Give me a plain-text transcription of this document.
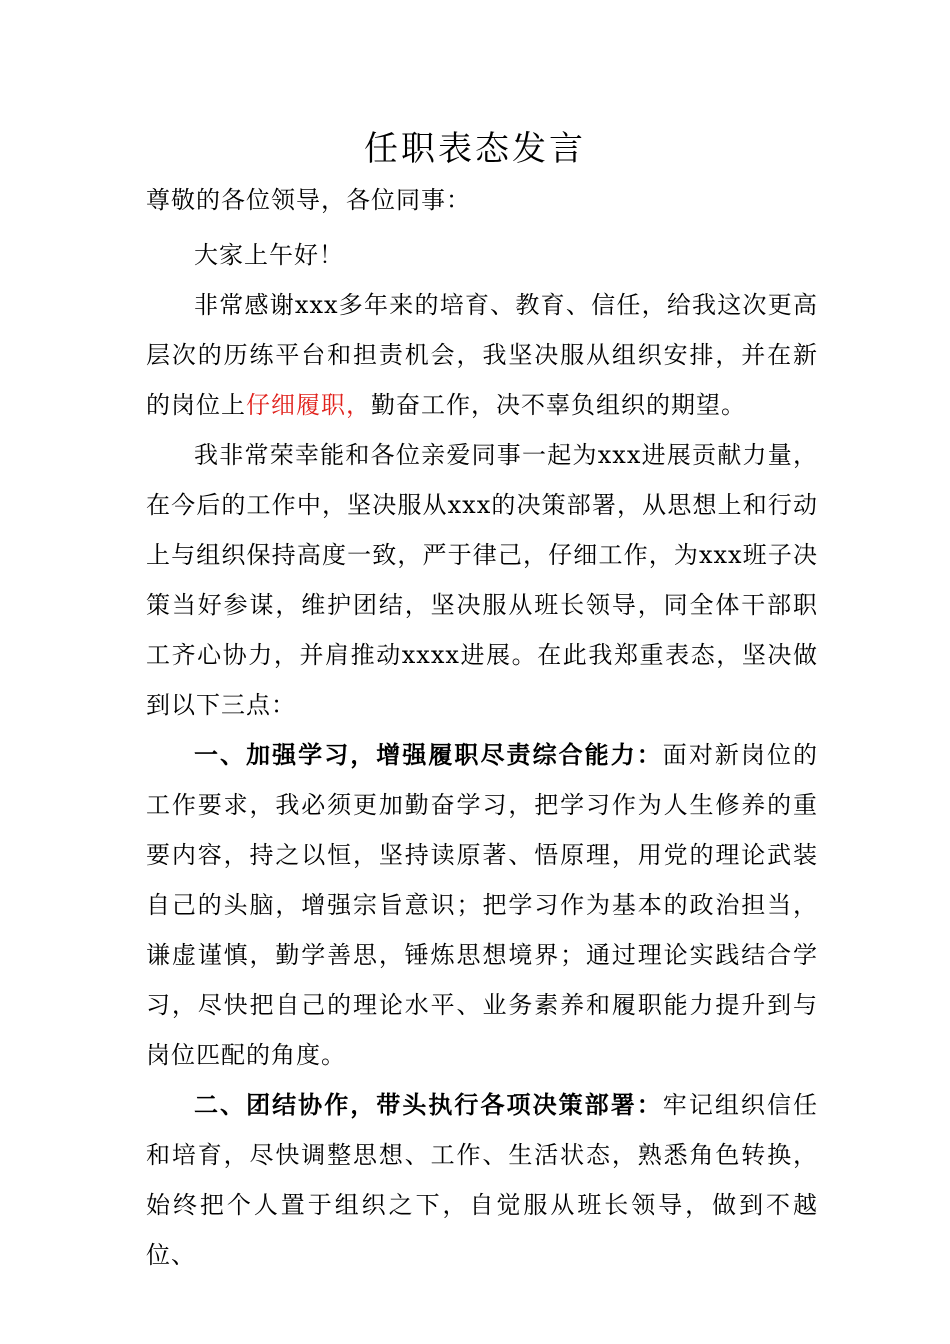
任职表态发言
尊敬的各位领导，各位同事：

大家上午好！

非常感谢xxx多年来的培育、教育、信任，给我这次更高层次的历练平台和担责机会，我坚决服从组织安排，并在新的岗位上仔细履职，勤奋工作，决不辜负组织的期望。

我非常荣幸能和各位亲爱同事一起为xxx进展贡献力量，在今后的工作中，坚决服从xxx的决策部署，从思想上和行动上与组织保持高度一致，严于律己，仔细工作，为xxx班子决策当好参谋，维护团结，坚决服从班长领导，同全体干部职工齐心协力，并肩推动xxxx进展。在此我郑重表态，坚决做到以下三点：

一、加强学习，增强履职尽责综合能力：面对新岗位的工作要求，我必须更加勤奋学习，把学习作为人生修养的重要内容，持之以恒，坚持读原著、悟原理，用党的理论武装自己的头脑，增强宗旨意识；把学习作为基本的政治担当，谦虚谨慎，勤学善思，锤炼思想境界；通过理论实践结合学习，尽快把自己的理论水平、业务素养和履职能力提升到与岗位匹配的角度。

二、团结协作，带头执行各项决策部署：牢记组织信任和培育，尽快调整思想、工作、生活状态，熟悉角色转换，始终把个人置于组织之下，自觉服从班长领导，做到不越位、
